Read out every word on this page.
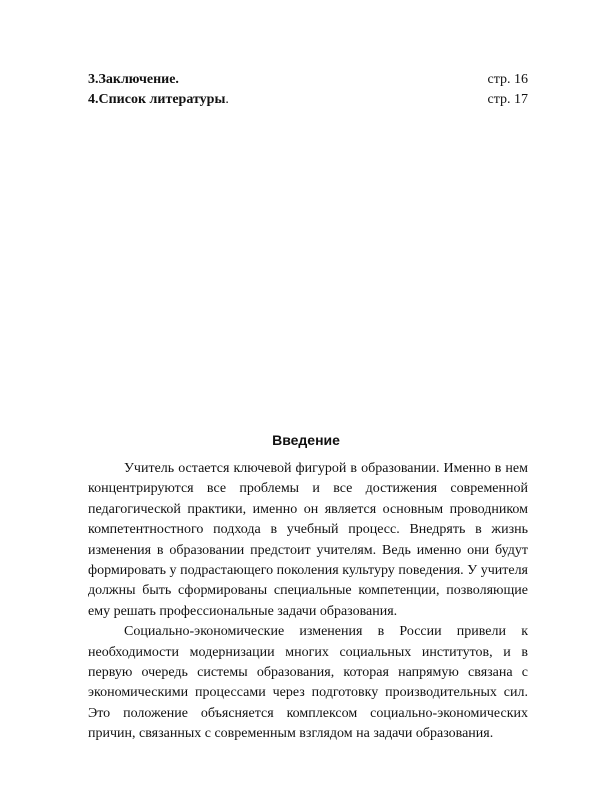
3.Заключение.	стр. 16
4.Список литературы.	стр. 17
Введение

Учитель остается ключевой фигурой в образовании. Именно в нем концентрируются все проблемы и все достижения современной педагогической практики, именно он является основным проводником компетентностного подхода в учебный процесс. Внедрять в жизнь изменения в образовании предстоит учителям. Ведь именно они будут формировать у подрастающего поколения культуру поведения. У учителя должны быть сформированы специальные компетенции, позволяющие ему решать профессиональные задачи образования.

Социально-экономические изменения в России привели к необходимости модернизации многих социальных институтов, и в первую очередь системы образования, которая напрямую связана с экономическими процессами через подготовку производительных сил. Это положение объясняется комплексом социально-экономических причин, связанных с современным взглядом на задачи образования.
